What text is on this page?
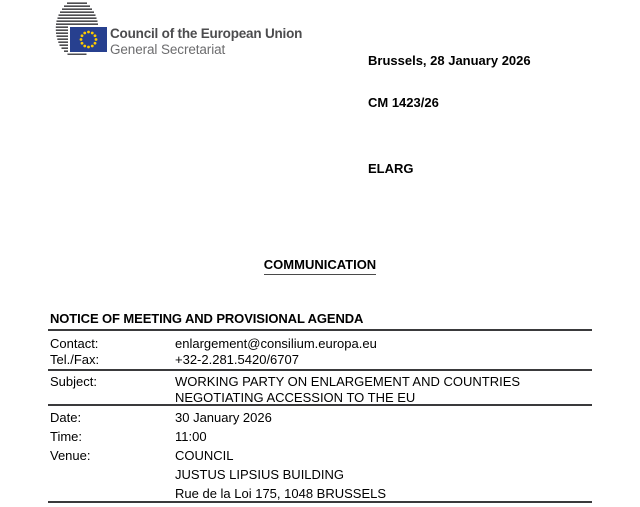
Council of the European Union
General Secretariat
Brussels, 28 January 2026
CM 1423/26
ELARG
COMMUNICATION
NOTICE OF MEETING AND PROVISIONAL AGENDA
Contact:	enlargement@consilium.europa.eu
Tel./Fax:	+32-2.281.5420/6707
Subject:	WORKING PARTY ON ENLARGEMENT AND COUNTRIES
NEGOTIATING ACCESSION TO THE EU
Date:	30 January 2026
Time:	11:00
Venue:	COUNCIL
JUSTUS LIPSIUS BUILDING
Rue de la Loi 175, 1048 BRUSSELS
